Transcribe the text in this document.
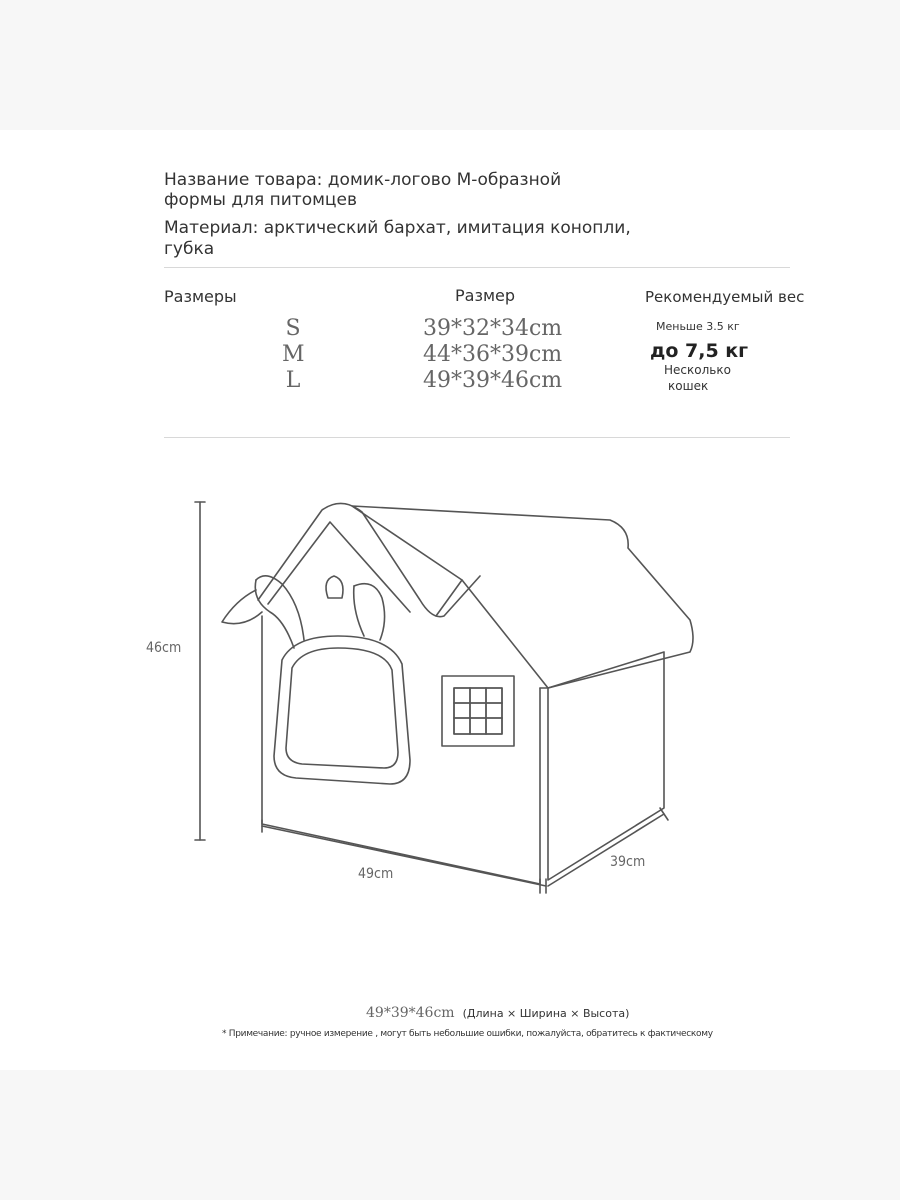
Название товара: домик-логово M-образной
формы для питомцев
Материал: арктический бархат, имитация конопли,
губка
Размеры	Размер	Рекомендуемый вес
S
M
L
39*32*34cm
44*36*39cm
49*39*46cm
Меньше 3.5 кг
до 7,5 кг
Несколько
кошек
46cm
49cm
39cm
49*39*46cm (Длина × Ширина × Высота)
* Примечание: ручное измерение , могут быть небольшие ошибки, пожалуйста, обратитесь к фактическому
